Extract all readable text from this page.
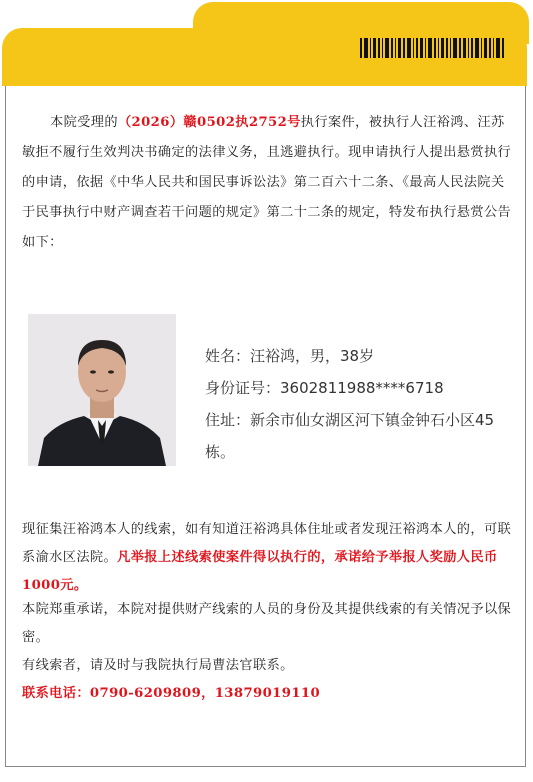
本院受理的（2026）赣0502执2752号执行案件，被执行人汪裕鸿、汪苏敏拒不履行生效判决书确定的法律义务，且逃避执行。现申请执行人提出悬赏执行的申请，依据《中华人民共和国民事诉讼法》第二百六十二条、《最高人民法院关于民事执行中财产调查若干问题的规定》第二十二条的规定，特发布执行悬赏公告如下：
姓名：汪裕鸿，男，38岁
身份证号：3602811988****6718
住址：新余市仙女湖区河下镇金钟石小区45栋。
现征集汪裕鸿本人的线索，如有知道汪裕鸿具体住址或者发现汪裕鸿本人的，可联系渝水区法院。凡举报上述线索使案件得以执行的，承诺给予举报人奖励人民币1000元。
本院郑重承诺，本院对提供财产线索的人员的身份及其提供线索的有关情况予以保密。
有线索者，请及时与我院执行局曹法官联系。
联系电话：0790-6209809，13879019110
